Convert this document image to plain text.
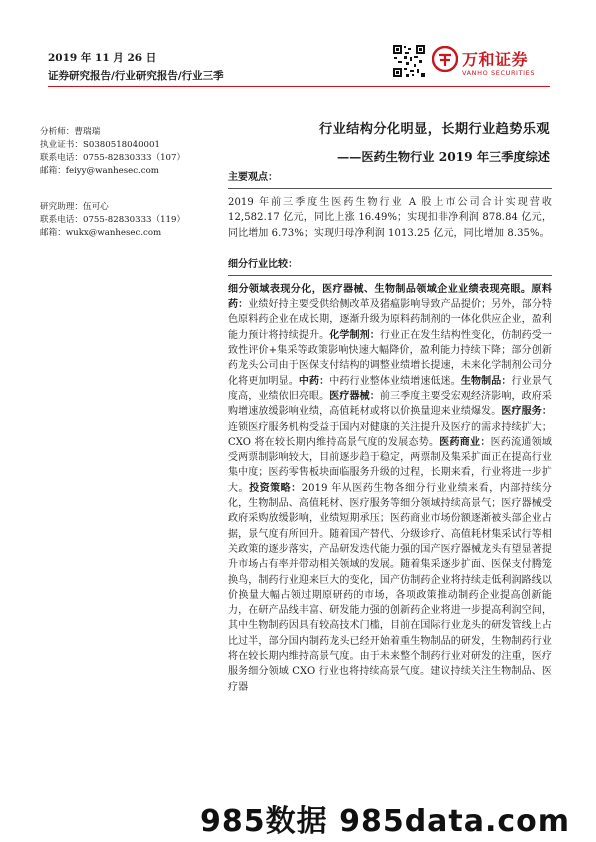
2019 年 11 月 26 日
证券研究报告/行业研究报告/行业三季
万和证券
VANHO SECURITIES
分析师：曹瑞瑞
执业证书：S0380518040001
联系电话：0755-82830333（107）
邮箱：feiyy@wanhesec.com
研究助理：伍可心
联系电话：0755-82830333（119）
邮箱：wukx@wanhesec.com
行业结构分化明显，长期行业趋势乐观
——医药生物行业 2019 年三季度综述

主要观点：

2019 年前三季度生医药生物行业 A 股上市公司合计实现营收 12,582.17 亿元，同比上涨 16.49%；实现扣非净利润 878.84 亿元，同比增加 6.73%；实现归母净利润 1013.25 亿元，同比增加 8.35%。

细分行业比较：

细分领域表现分化，医疗器械、生物制品领域企业业绩表现亮眼。原料药：业绩好持主要受供给侧改革及猪瘟影响导致产品提价；另外，部分特色原料药企业在成长期，逐渐升级为原料药制剂的一体化供应企业，盈利能力预计将持续提升。化学制剂：行业正在发生结构性变化，仿制药受一致性评价+集采等政策影响快速大幅降价，盈利能力持续下降；部分创新药龙头公司由于医保支付结构的调整业绩增长提速，未来化学制剂公司分化将更加明显。中药：中药行业整体业绩增速低迷。生物制品：行业景气度高，业绩依旧亮眼。医疗器械：前三季度主要受宏观经济影响，政府采购增速放缓影响业绩，高值耗材或将以价换量迎来业绩爆发。医疗服务：连锁医疗服务机构受益于国内对健康的关注提升及医疗的需求持续扩大； CXO 将在较长期内维持高景气度的发展态势。医药商业：医药流通领域受两票制影响较大，目前逐步趋于稳定，两票制及集采扩面正在提高行业集中度；医药零售板块面临服务升级的过程，长期来看，行业将进一步扩大。投资策略：2019 年从医药生物各细分行业业绩来看，内部持续分化，生物制品、高值耗材、医疗服务等细分领域持续高景气；医疗器械受政府采购放缓影响，业绩短期承压；医药商业市场份额逐渐被头部企业占据，景气度有所回升。随着国产替代、分级诊疗、高值耗材集采试行等相关政策的逐步落实，产品研发迭代能力强的国产医疗器械龙头有望显著提升市场占有率并带动相关领域的发展。随着集采逐步扩面、医保支付腾笼换鸟，制药行业迎来巨大的变化，国产仿制药企业将持续走低利润路线以价换量大幅占领过期原研药的市场，各项政策推动制药企业提高创新能力，在研产品线丰富、研发能力强的创新药企业将进一步提高利润空间，其中生物制药因具有较高技术门槛，目前在国际行业龙头的研发管线上占比过半，部分国内制药龙头已经开始着重生物制品的研发，生物制药行业将在较长期内维持高景气度。由于未来整个制药行业对研发的注重，医疗服务细分领域 CXO 行业也将持续高景气度。建议持续关注生物制品、医疗器

985数据 985data.com
